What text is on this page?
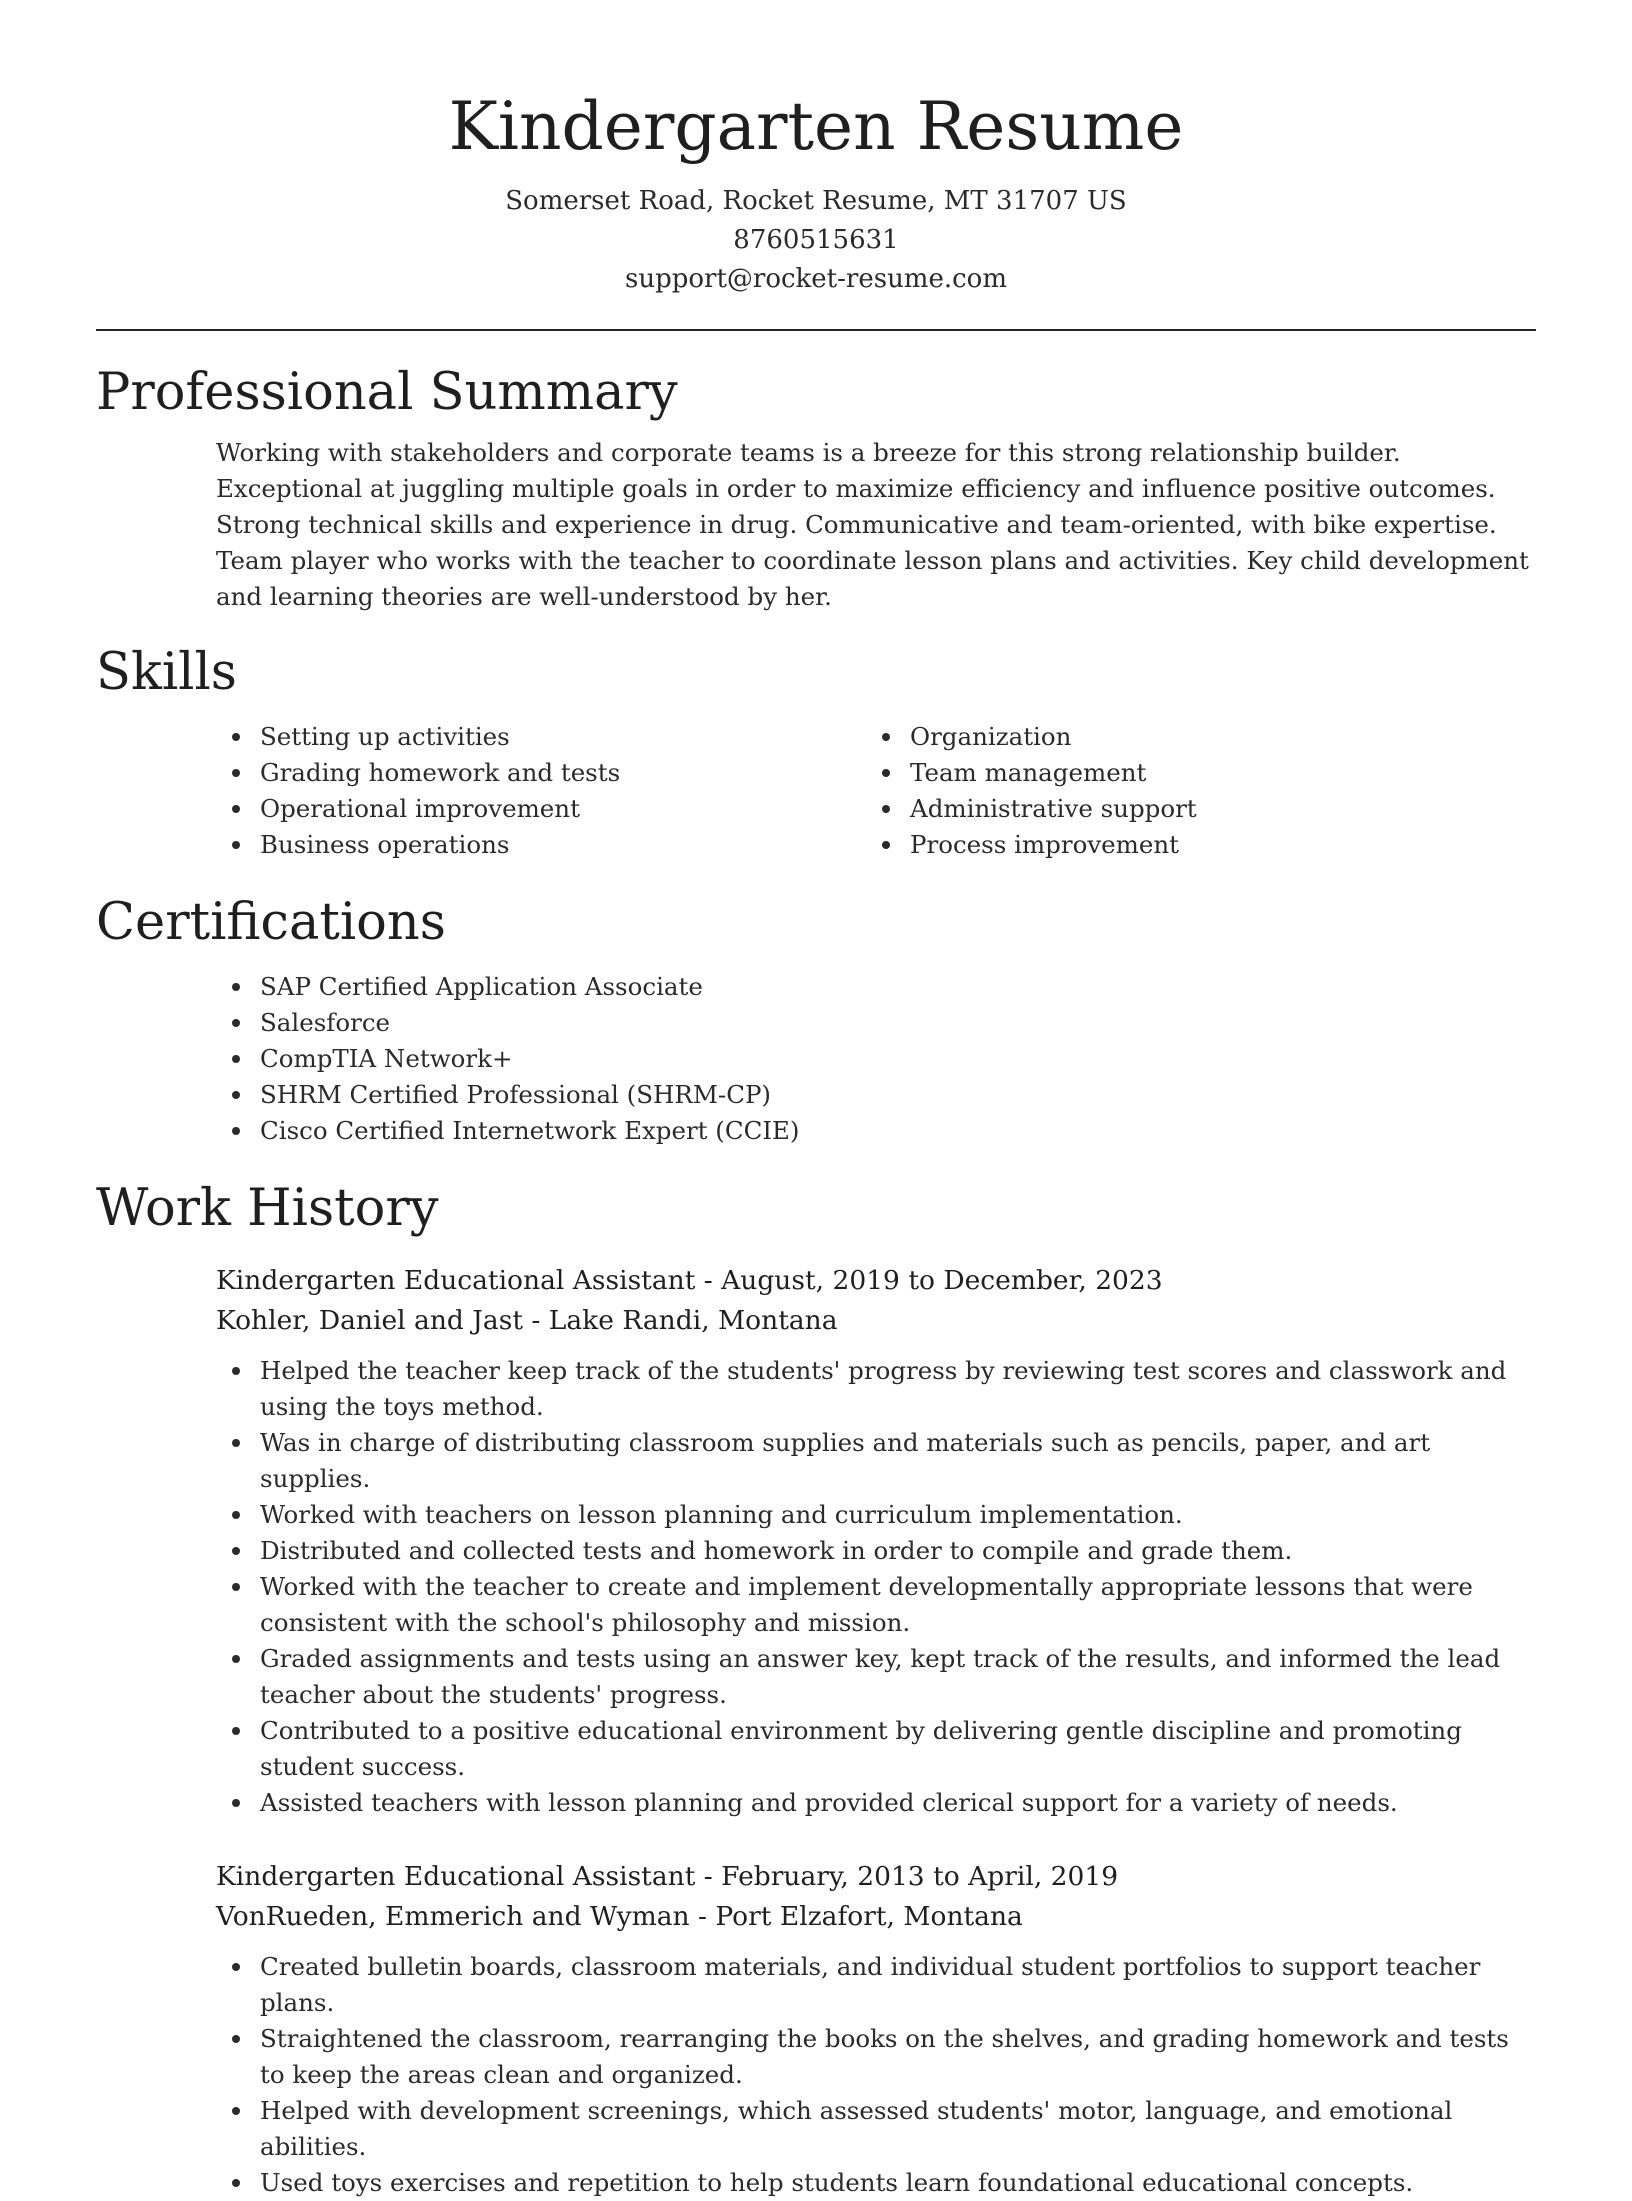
Kindergarten Resume
Somerset Road, Rocket Resume, MT 31707 US
8760515631
support@rocket-resume.com
Professional Summary

Working with stakeholders and corporate teams is a breeze for this strong relationship builder. Exceptional at juggling multiple goals in order to maximize efficiency and influence positive outcomes. Strong technical skills and experience in drug. Communicative and team-oriented, with bike expertise. Team player who works with the teacher to coordinate lesson plans and activities. Key child development and learning theories are well-understood by her.

Skills
Setting up activities
Grading homework and tests
Operational improvement
Business operations
Organization
Team management
Administrative support
Process improvement
Certifications
SAP Certified Application Associate
Salesforce
CompTIA Network+
SHRM Certified Professional (SHRM-CP)
Cisco Certified Internetwork Expert (CCIE)
Work History
Kindergarten Educational Assistant - August, 2019 to December, 2023
Kohler, Daniel and Jast - Lake Randi, Montana
Helped the teacher keep track of the students' progress by reviewing test scores and classwork and using the toys method.
Was in charge of distributing classroom supplies and materials such as pencils, paper, and art supplies.
Worked with teachers on lesson planning and curriculum implementation.
Distributed and collected tests and homework in order to compile and grade them.
Worked with the teacher to create and implement developmentally appropriate lessons that were consistent with the school's philosophy and mission.
Graded assignments and tests using an answer key, kept track of the results, and informed the lead teacher about the students' progress.
Contributed to a positive educational environment by delivering gentle discipline and promoting student success.
Assisted teachers with lesson planning and provided clerical support for a variety of needs.
Kindergarten Educational Assistant - February, 2013 to April, 2019
VonRueden, Emmerich and Wyman - Port Elzafort, Montana
Created bulletin boards, classroom materials, and individual student portfolios to support teacher plans.
Straightened the classroom, rearranging the books on the shelves, and grading homework and tests to keep the areas clean and organized.
Helped with development screenings, which assessed students' motor, language, and emotional abilities.
Used toys exercises and repetition to help students learn foundational educational concepts.
